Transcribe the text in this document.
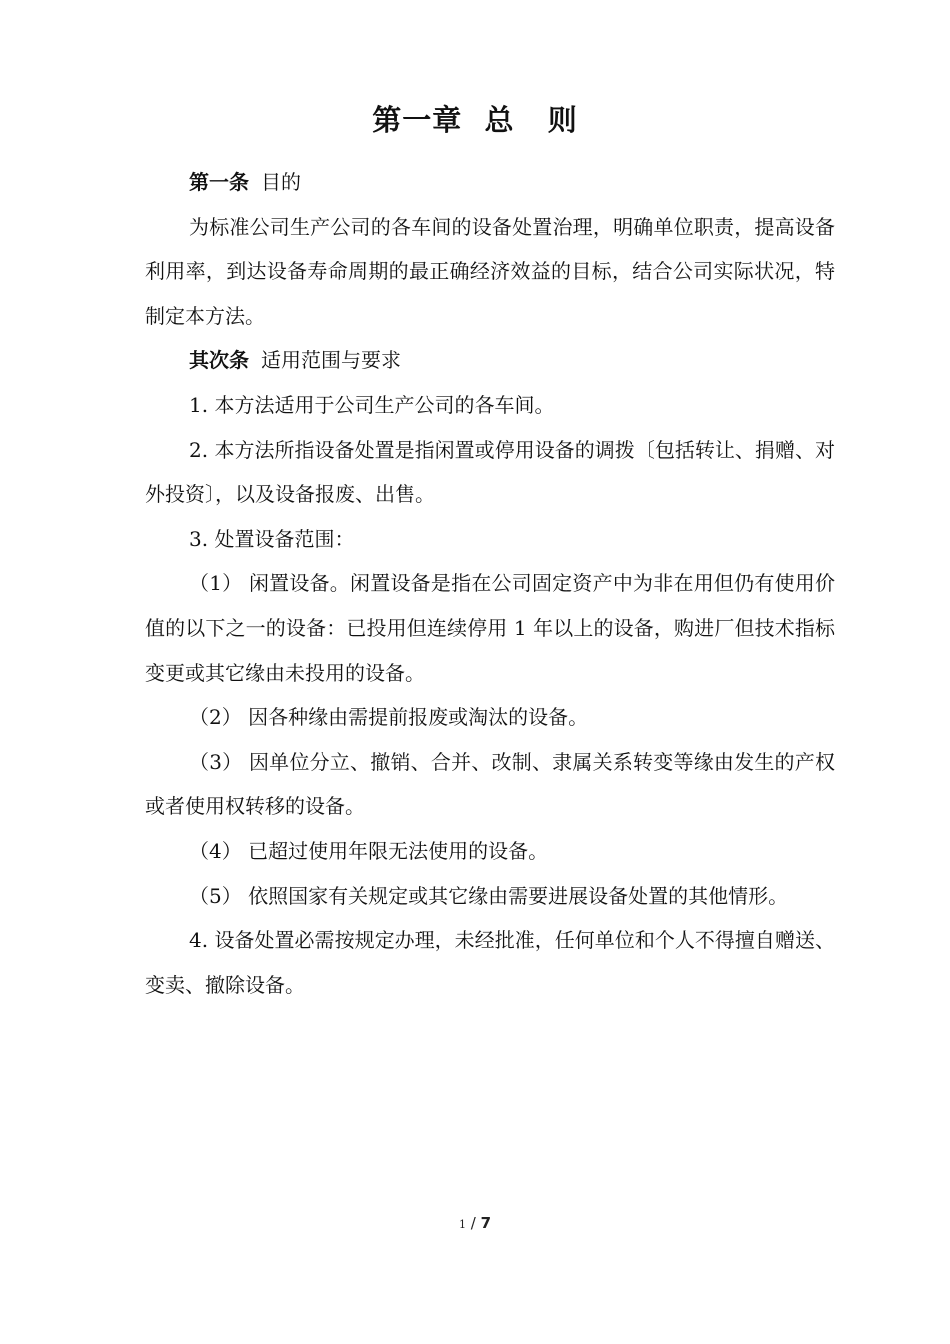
第一章  总   则

第一条 目的

为标准公司生产公司的各车间的设备处置治理，明确单位职责，提高设备利用率，到达设备寿命周期的最正确经济效益的目标，结合公司实际状况，特制定本方法。

其次条 适用范围与要求

1. 本方法适用于公司生产公司的各车间。

2. 本方法所指设备处置是指闲置或停用设备的调拨〔包括转让、捐赠、对外投资〕，以及设备报废、出售。

3. 处置设备范围：

（1） 闲置设备。闲置设备是指在公司固定资产中为非在用但仍有使用价值的以下之一的设备：已投用但连续停用 1 年以上的设备，购进厂但技术指标变更或其它缘由未投用的设备。

（2） 因各种缘由需提前报废或淘汰的设备。

（3） 因单位分立、撤销、合并、改制、隶属关系转变等缘由发生的产权或者使用权转移的设备。

（4） 已超过使用年限无法使用的设备。

（5） 依照国家有关规定或其它缘由需要进展设备处置的其他情形。

4. 设备处置必需按规定办理，未经批准，任何单位和个人不得擅自赠送、变卖、撤除设备。

1 / 7
